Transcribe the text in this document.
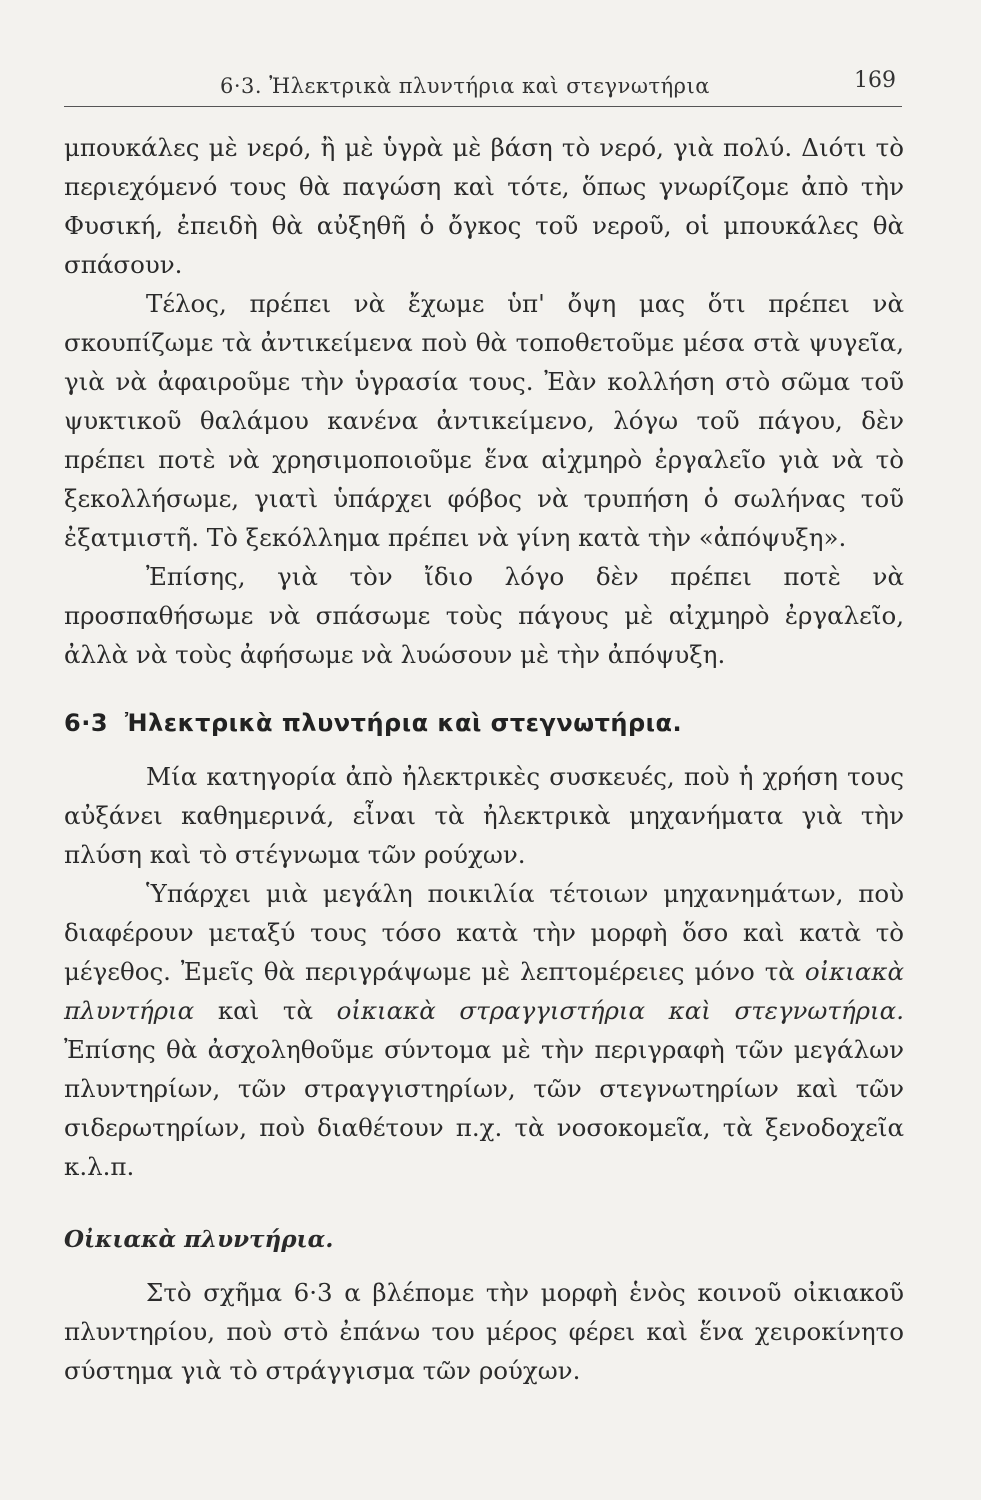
6·3. Ἠλεκτρικὰ πλυντήρια καὶ στεγνωτήρια	169

μπουκάλες μὲ νερό, ἢ μὲ ὑγρὰ μὲ βάση τὸ νερό, γιὰ πολύ. Διότι τὸ περιεχόμενό τους θὰ παγώση καὶ τότε, ὅπως γνωρίζομε ἀπὸ τὴν Φυσική, ἐπειδὴ θὰ αὐξηθῆ ὁ ὄγκος τοῦ νεροῦ, οἱ μπουκάλες θὰ σπάσουν.

Τέλος, πρέπει νὰ ἔχωμε ὑπ' ὄψη μας ὅτι πρέπει νὰ σκουπίζωμε τὰ ἀντικείμενα ποὺ θὰ τοποθετοῦμε μέσα στὰ ψυγεῖα, γιὰ νὰ ἀφαιροῦμε τὴν ὑγρασία τους. Ἐὰν κολλήση στὸ σῶμα τοῦ ψυκτικοῦ θαλάμου κανένα ἀντικείμενο, λόγω τοῦ πάγου, δὲν πρέπει ποτὲ νὰ χρησιμοποιοῦμε ἕνα αἰχμηρὸ ἐργαλεῖο γιὰ νὰ τὸ ξεκολλήσωμε, γιατὶ ὑπάρχει φόβος νὰ τρυπήση ὁ σωλήνας τοῦ ἐξατμιστῆ. Τὸ ξεκόλλημα πρέπει νὰ γίνη κατὰ τὴν «ἀπόψυξη».

Ἐπίσης, γιὰ τὸν ἴδιο λόγο δὲν πρέπει ποτὲ νὰ προσπαθήσωμε νὰ σπάσωμε τοὺς πάγους μὲ αἰχμηρὸ ἐργαλεῖο, ἀλλὰ νὰ τοὺς ἀφήσωμε νὰ λυώσουν μὲ τὴν ἀπόψυξη.

6·3 Ἠλεκτρικὰ πλυντήρια καὶ στεγνωτήρια.

Μία κατηγορία ἀπὸ ἠλεκτρικὲς συσκευές, ποὺ ἡ χρήση τους αὐξάνει καθημερινά, εἶναι τὰ ἠλεκτρικὰ μηχανήματα γιὰ τὴν πλύση καὶ τὸ στέγνωμα τῶν ρούχων.

Ὑπάρχει μιὰ μεγάλη ποικιλία τέτοιων μηχανημάτων, ποὺ διαφέρουν μεταξύ τους τόσο κατὰ τὴν μορφὴ ὅσο καὶ κατὰ τὸ μέγεθος. Ἐμεῖς θὰ περιγράψωμε μὲ λεπτομέρειες μόνο τὰ οἰκιακὰ πλυντήρια καὶ τὰ οἰκιακὰ στραγγιστήρια καὶ στεγνωτήρια. Ἐπίσης θὰ ἀσχοληθοῦμε σύντομα μὲ τὴν περιγραφὴ τῶν μεγάλων πλυντηρίων, τῶν στραγγιστηρίων, τῶν στεγνωτηρίων καὶ τῶν σιδερωτηρίων, ποὺ διαθέτουν π.χ. τὰ νοσοκομεῖα, τὰ ξενοδοχεῖα κ.λ.π.

Οἰκιακὰ πλυντήρια.

Στὸ σχῆμα 6·3 α βλέπομε τὴν μορφὴ ἑνὸς κοινοῦ οἰκιακοῦ πλυντηρίου, ποὺ στὸ ἐπάνω του μέρος φέρει καὶ ἕνα χειροκίνητο σύστημα γιὰ τὸ στράγγισμα τῶν ρούχων.
